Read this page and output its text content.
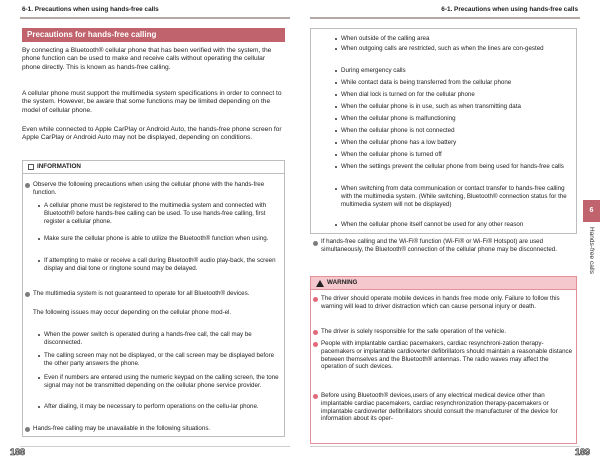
6-1. Precautions when using hands-free calls
Precautions for hands-free calling

By connecting a Bluetooth® cellular phone that has been verified with the system, the phone function can be used to make and receive calls without operating the cellular phone directly. This is known as hands-free calling.

A cellular phone must support the multimedia system specifications in order to connect to the system. However, be aware that some functions may be limited depending on the model of cellular phone.

Even while connected to Apple CarPlay or Android Auto, the hands-free phone screen for Apple CarPlay or Android Auto may not be displayed, depending on conditions.

INFORMATION

Observe the following precautions when using the cellular phone with the hands-free function.

A cellular phone must be registered to the multimedia system and connected with Bluetooth® before hands-free calling can be used. To use hands-free calling, first register a cellular phone.

Make sure the cellular phone is able to utilize the Bluetooth® function when using.

If attempting to make or receive a call during Bluetooth® audio play-back, the screen display and dial tone or ringtone sound may be delayed.

The multimedia system is not guaranteed to operate for all Bluetooth® devices.

The following issues may occur depending on the cellular phone mod-el.

When the power switch is operated during a hands-free call, the call may be disconnected.

The calling screen may not be displayed, or the call screen may be displayed before the other party answers the phone.

Even if numbers are entered using the numeric keypad on the calling screen, the tone signal may not be transmitted depending on the cellular phone service provider.

After dialing, it may be necessary to perform operations on the cellu-lar phone.

Hands-free calling may be unavailable in the following situations.

188
6-1. Precautions when using hands-free calls

When outside of the calling area

When outgoing calls are restricted, such as when the lines are con-gested

During emergency calls

While contact data is being transferred from the cellular phone

When dial lock is turned on for the cellular phone

When the cellular phone is in use, such as when transmitting data

When the cellular phone is malfunctioning

When the cellular phone is not connected

When the cellular phone has a low battery

When the cellular phone is turned off

When the settings prevent the cellular phone from being used for hands-free calls

When switching from data communication or contact transfer to hands-free calling with the multimedia system. (While switching, Bluetooth® connection status for the multimedia system will not be displayed)

When the cellular phone itself cannot be used for any other reason

If hands-free calling and the Wi-Fi® function (Wi-Fi® or Wi-Fi® Hotspot) are used simultaneously, the Bluetooth® connection of the cellular phone may be disconnected.

WARNING

The driver should operate mobile devices in hands free mode only. Failure to follow this warning will lead to driver distraction which can cause personal injury or death.

The driver is solely responsible for the safe operation of the vehicle.

People with implantable cardiac pacemakers, cardiac resynchroni-zation therapy-pacemakers or implantable cardioverter defibrillators should maintain a reasonable distance between themselves and the Bluetooth® antennas. The radio waves may affect the operation of such devices.

Before using Bluetooth® devices,users of any electrical medical device other than implantable cardiac pacemakers, cardiac resynchronization therapy-pacemakers or implantable cardioverter defibrillators should consult the manufacturer of the device for information about its oper-

189
6
Hands-free calls
